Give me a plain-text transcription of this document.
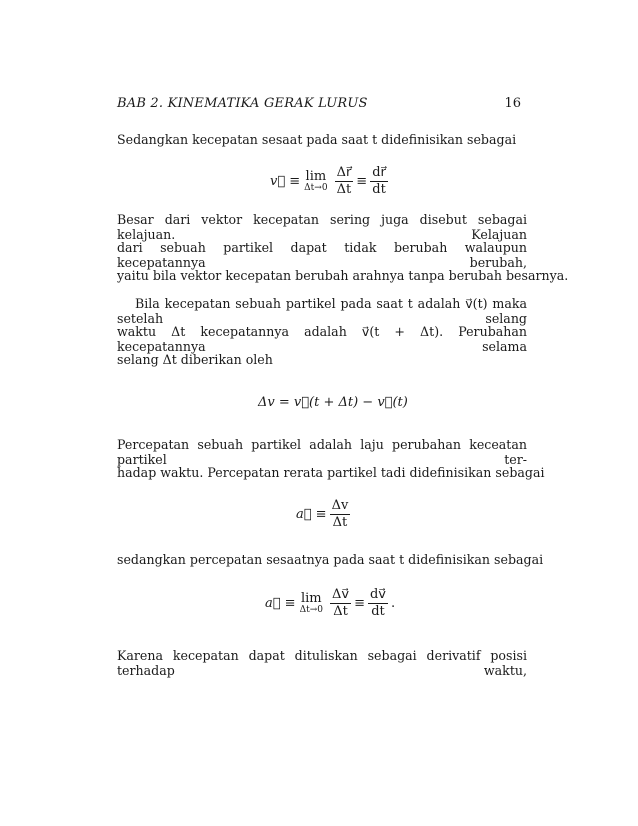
BAB 2. KINEMATIKA GERAK LURUS	16
Sedangkan kecepatan sesaat pada saat t didefinisikan sebagai
v⃗ ≡ lim
$\Delta t\to 0 \frac{\Delta r⃗}{\Delta t} \equiv \frac{dr⃗}{dt}$
Besar dari vektor kecepatan sering juga disebut sebagai kelajuan. Kelajuan
dari sebuah partikel dapat tidak berubah walaupun kecepatannya berubah,
yaitu bila vektor kecepatan berubah arahnya tanpa berubah besarnya.
Bila kecepatan sebuah partikel pada saat t adalah v⃗(t) maka setelah selang
waktu Δt kecepatannya adalah v⃗(t + Δt). Perubahan kecepatannya selama
selang Δt diberikan oleh
Δv = v⃗(t + Δt) − v⃗(t)
Percepatan sebuah partikel adalah laju perubahan keceatan partikel ter-
hadap waktu. Percepatan rerata partikel tadi didefinisikan sebagai
a⃗ ≡ $\frac{\Delta v}{\Delta t}$
sedangkan percepatan sesaatnya pada saat t didefinisikan sebagai
a⃗ ≡ lim
$\Delta t\to 0 \frac{\Delta v⃗}{\Delta t} \equiv \frac{dv⃗}{dt}$ .
Karena kecepatan dapat dituliskan sebagai derivatif posisi terhadap waktu,
